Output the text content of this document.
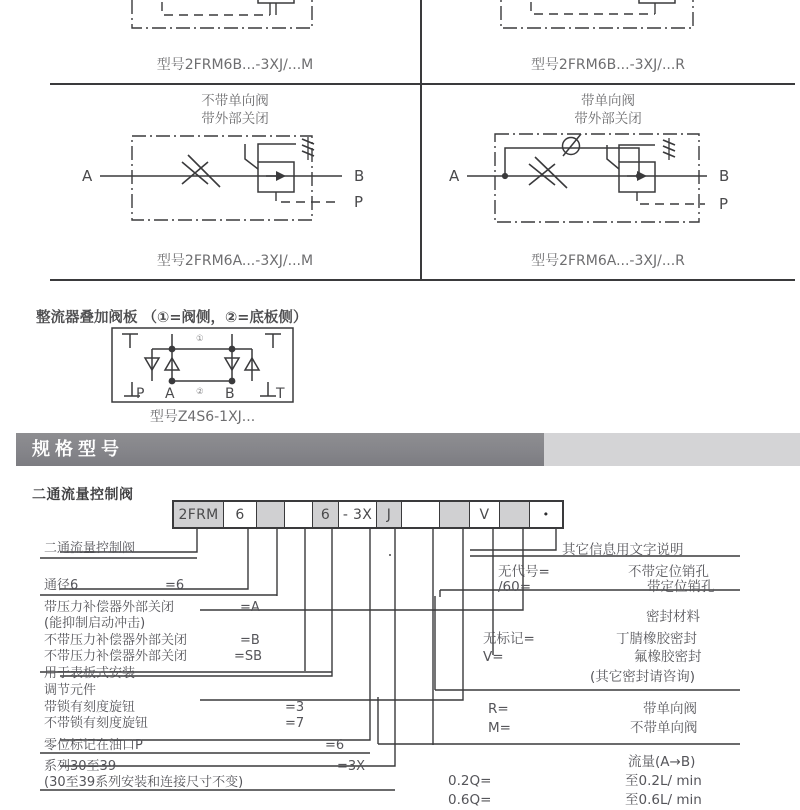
型号2FRM6B...-3XJ/...M	型号2FRM6B...-3XJ/...R
不带单向阀
带外部关闭
A	B
P
型号2FRM6A...-3XJ/...M
带单向阀
带外部关闭
A	B
P
型号2FRM6A...-3XJ/...R
整流器叠加阀板 （①=阀侧，②=底板侧）
①
②
P A	B	T
型号Z4S6-1XJ...
规格型号
二通流量控制阀
2FRM	6	6 - 3X	J	V	•
二通流量控制阀
通径6	=6
带压力补偿器外部关闭	=A
(能抑制启动冲击)
不带压力补偿器外部关闭	=B
不带压力补偿器外部关闭	=SB
用于表板式安装
调节元件
带锁有刻度旋钮	=3
不带锁有刻度旋钮	=7
零位标记在油口P	=6
系列30至39	=3X
(30至39系列安装和连接尺寸不变)
其它信息用文字说明
无代号=	不带定位销孔
/60=	带定位销孔
密封材料
无标记=	丁腈橡胶密封
V=	氟橡胶密封
(其它密封请咨询)
R=	带单向阀
M=	不带单向阀
流量(A→B)
0.2Q=	至0.2L/ min
0.6Q=	至0.6L/ min
